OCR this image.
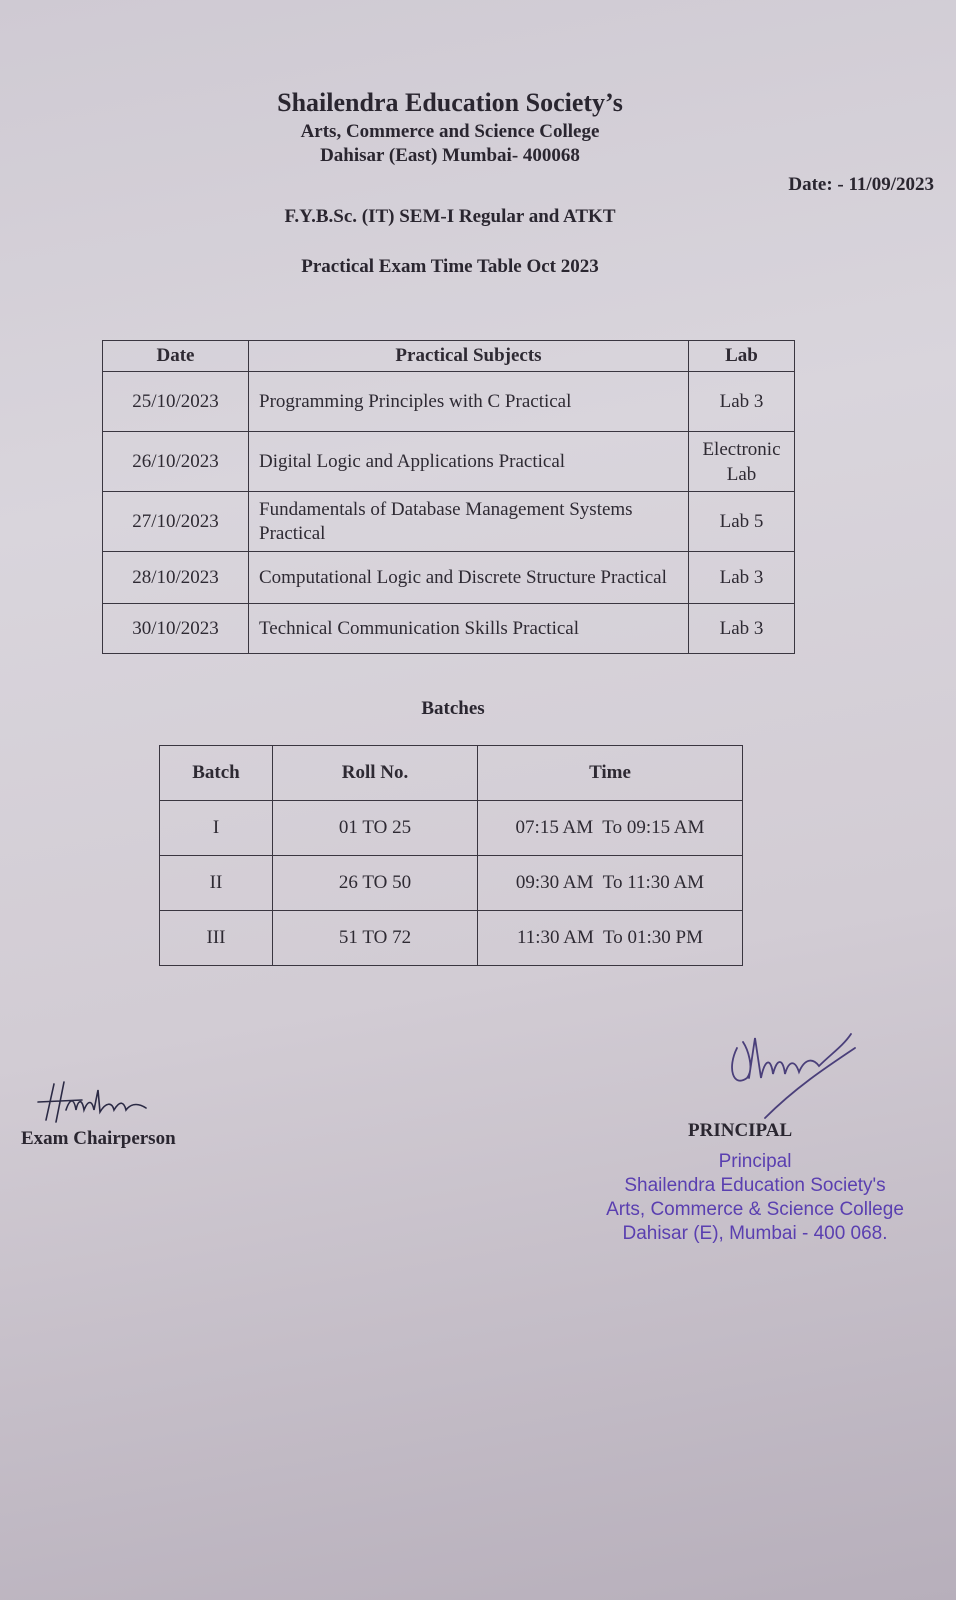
Shailendra Education Society’s
Arts, Commerce and Science College
Dahisar (East) Mumbai- 400068
Date: - 11/09/2023
F.Y.B.Sc. (IT) SEM-I Regular and ATKT
Practical Exam Time Table Oct 2023
Date	Practical Subjects	Lab
25/10/2023	Programming Principles with C Practical	Lab 3
26/10/2023	Digital Logic and Applications Practical	Electronic Lab
27/10/2023	Fundamentals of Database Management Systems Practical	Lab 5
28/10/2023	Computational Logic and Discrete Structure Practical	Lab 3
30/10/2023	Technical Communication Skills Practical	Lab 3
Batches
Batch	Roll No.	Time
I	01 TO 25	07:15 AM  To 09:15 AM
II	26 TO 50	09:30 AM  To 11:30 AM
III	51 TO 72	11:30 AM  To 01:30 PM
Exam Chairperson	PRINCIPAL
Principal
Shailendra Education Society's
Arts, Commerce & Science College
Dahisar (E), Mumbai - 400 068.
